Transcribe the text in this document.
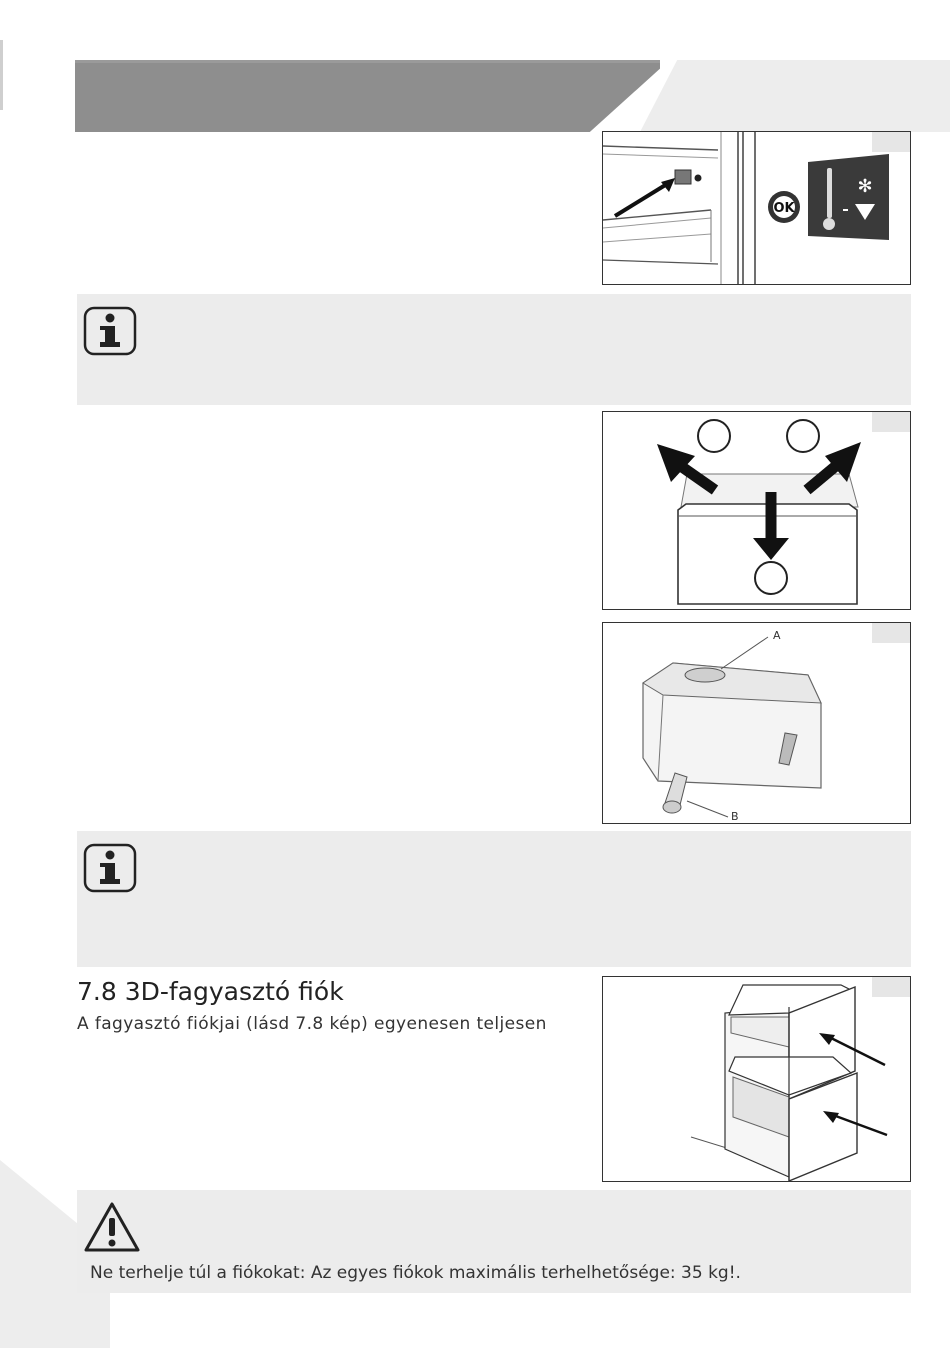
OK
✻
A
B
7.8 3D-fagyasztó fiók
A fagyasztó fiókjai (lásd 7.8 kép) egyenesen teljesen
Ne terhelje túl a fiókokat: Az egyes fiókok maximális terhelhetősége: 35 kg!.
